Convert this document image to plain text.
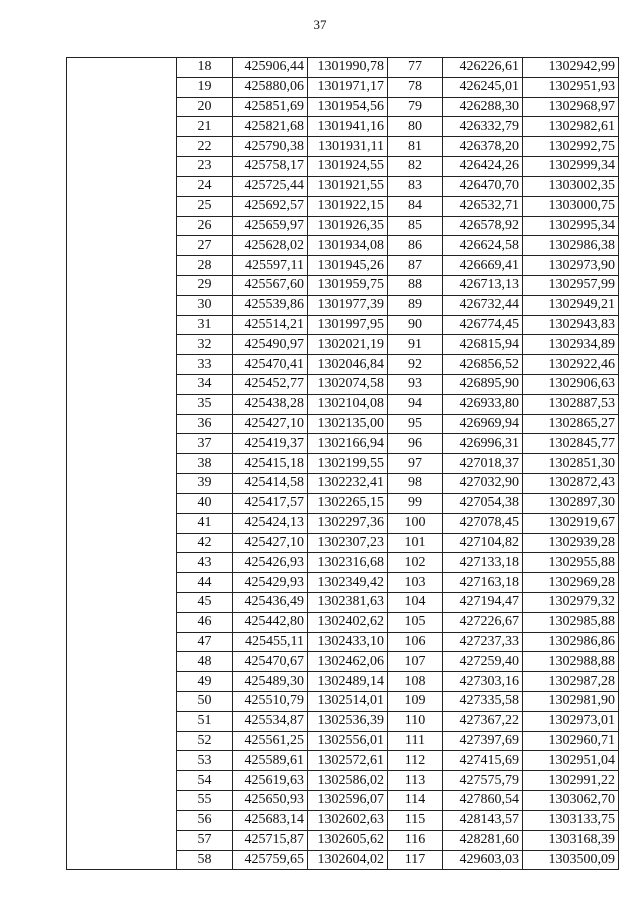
37
	18	425906,44	1301990,78	77	426226,61	1302942,99
	19	425880,06	1301971,17	78	426245,01	1302951,93
	20	425851,69	1301954,56	79	426288,30	1302968,97
	21	425821,68	1301941,16	80	426332,79	1302982,61
	22	425790,38	1301931,11	81	426378,20	1302992,75
	23	425758,17	1301924,55	82	426424,26	1302999,34
	24	425725,44	1301921,55	83	426470,70	1303002,35
	25	425692,57	1301922,15	84	426532,71	1303000,75
	26	425659,97	1301926,35	85	426578,92	1302995,34
	27	425628,02	1301934,08	86	426624,58	1302986,38
	28	425597,11	1301945,26	87	426669,41	1302973,90
	29	425567,60	1301959,75	88	426713,13	1302957,99
	30	425539,86	1301977,39	89	426732,44	1302949,21
	31	425514,21	1301997,95	90	426774,45	1302943,83
	32	425490,97	1302021,19	91	426815,94	1302934,89
	33	425470,41	1302046,84	92	426856,52	1302922,46
	34	425452,77	1302074,58	93	426895,90	1302906,63
	35	425438,28	1302104,08	94	426933,80	1302887,53
	36	425427,10	1302135,00	95	426969,94	1302865,27
	37	425419,37	1302166,94	96	426996,31	1302845,77
	38	425415,18	1302199,55	97	427018,37	1302851,30
	39	425414,58	1302232,41	98	427032,90	1302872,43
	40	425417,57	1302265,15	99	427054,38	1302897,30
	41	425424,13	1302297,36	100	427078,45	1302919,67
	42	425427,10	1302307,23	101	427104,82	1302939,28
	43	425426,93	1302316,68	102	427133,18	1302955,88
	44	425429,93	1302349,42	103	427163,18	1302969,28
	45	425436,49	1302381,63	104	427194,47	1302979,32
	46	425442,80	1302402,62	105	427226,67	1302985,88
	47	425455,11	1302433,10	106	427237,33	1302986,86
	48	425470,67	1302462,06	107	427259,40	1302988,88
	49	425489,30	1302489,14	108	427303,16	1302987,28
	50	425510,79	1302514,01	109	427335,58	1302981,90
	51	425534,87	1302536,39	110	427367,22	1302973,01
	52	425561,25	1302556,01	111	427397,69	1302960,71
	53	425589,61	1302572,61	112	427415,69	1302951,04
	54	425619,63	1302586,02	113	427575,79	1302991,22
	55	425650,93	1302596,07	114	427860,54	1303062,70
	56	425683,14	1302602,63	115	428143,57	1303133,75
	57	425715,87	1302605,62	116	428281,60	1303168,39
	58	425759,65	1302604,02	117	429603,03	1303500,09
